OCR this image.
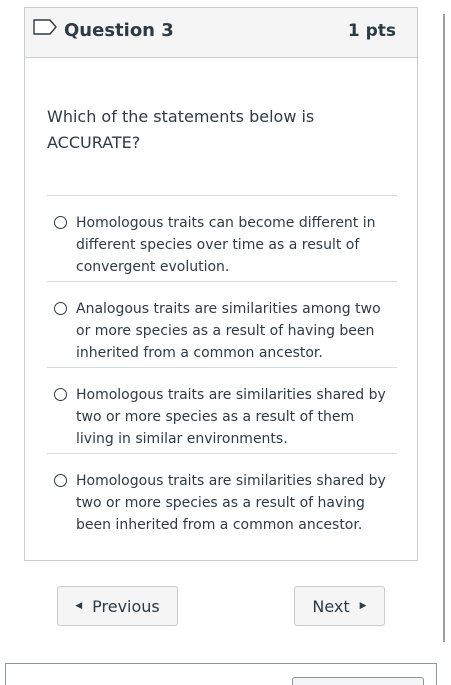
Question 3	1 pts
Which of the statements below is ACCURATE?
Homologous traits can become different in different species over time as a result of convergent evolution.
Analogous traits are similarities among two or more species as a result of having been inherited from a common ancestor.
Homologous traits are similarities shared by two or more species as a result of them living in similar environments.
Homologous traits are similarities shared by two or more species as a result of having been inherited from a common ancestor.
◀ Previous	Next ▶
